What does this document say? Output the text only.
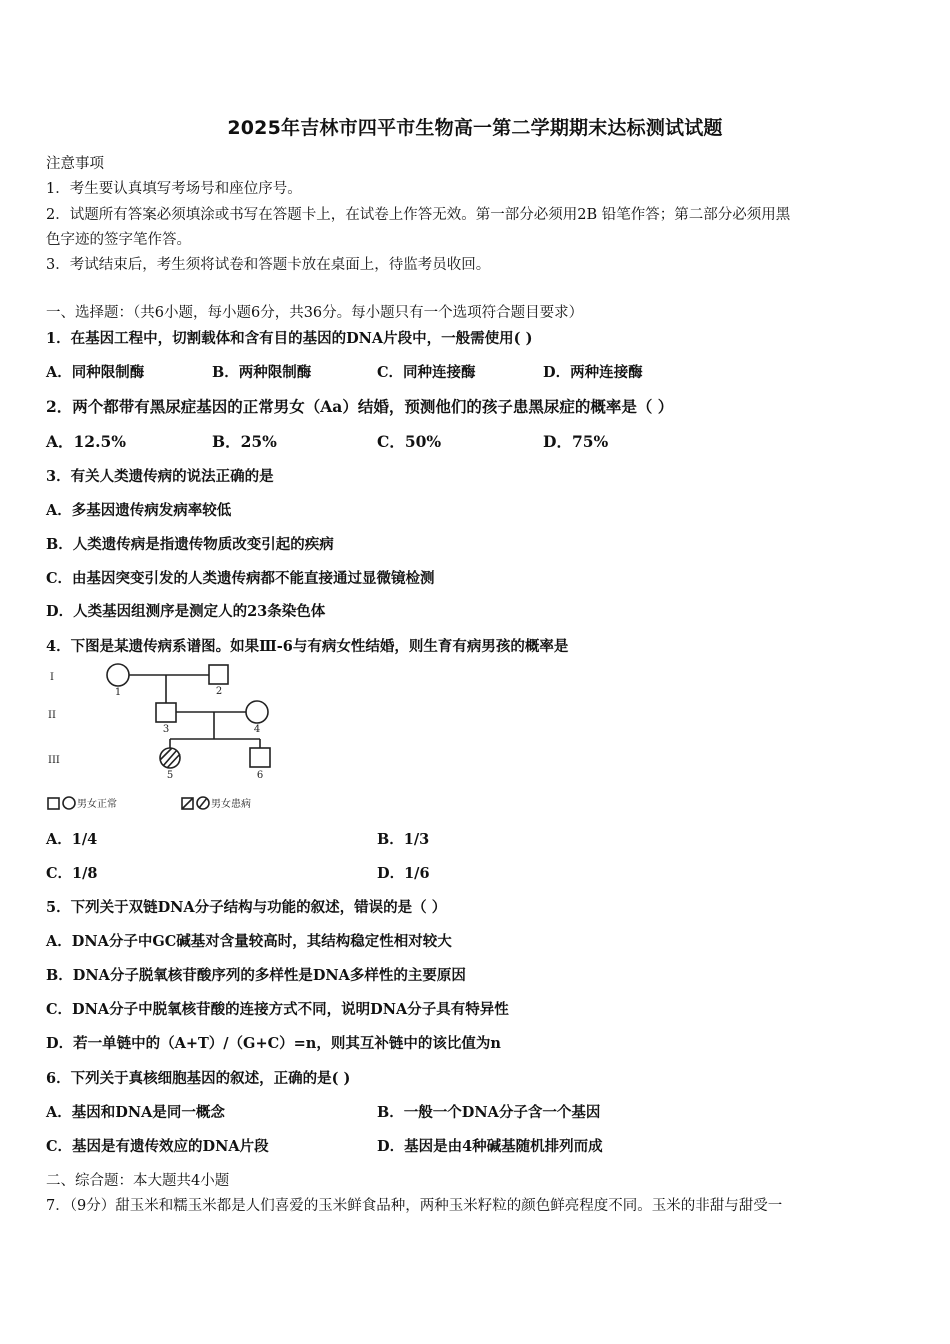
2025年吉林市四平市生物高一第二学期期末达标测试试题
注意事项
1．考生要认真填写考场号和座位序号。
2．试题所有答案必须填涂或书写在答题卡上，在试卷上作答无效。第一部分必须用2B 铅笔作答；第二部分必须用黑
色字迹的签字笔作答。
3．考试结束后，考生须将试卷和答题卡放在桌面上，待监考员收回。
一、选择题：（共6小题，每小题6分，共36分。每小题只有一个选项符合题目要求）
1．在基因工程中，切割载体和含有目的基因的DNA片段中，一般需使用( )
A．同种限制酶	B．两种限制酶	C．同种连接酶	D．两种连接酶
2．两个都带有黑尿症基因的正常男女（Aa）结婚，预测他们的孩子患黑尿症的概率是（ ）
A．12.5%	B．25%	C．50%	D．75%
3．有关人类遗传病的说法正确的是
A．多基因遗传病发病率较低
B．人类遗传病是指遗传物质改变引起的疾病
C．由基因突变引发的人类遗传病都不能直接通过显微镜检测
D．人类基因组测序是测定人的23条染色体
4．下图是某遗传病系谱图。如果Ⅲ-6与有病女性结婚，则生育有病男孩的概率是
I
II
III
1	2
3	4
5	6
男女正常	男女患病
A．1/4	B．1/3
C．1/8	D．1/6
5．下列关于双链DNA分子结构与功能的叙述，错误的是（ ）
A．DNA分子中GC碱基对含量较高时，其结构稳定性相对较大
B．DNA分子脱氧核苷酸序列的多样性是DNA多样性的主要原因
C．DNA分子中脱氧核苷酸的连接方式不同，说明DNA分子具有特异性
D．若一单链中的（A+T）/（G+C）=n，则其互补链中的该比值为n
6．下列关于真核细胞基因的叙述，正确的是( )
A．基因和DNA是同一概念	B．一般一个DNA分子含一个基因
C．基因是有遗传效应的DNA片段	D．基因是由4种碱基随机排列而成
二、综合题：本大题共4小题
7．（9分）甜玉米和糯玉米都是人们喜爱的玉米鲜食品种，两种玉米籽粒的颜色鲜亮程度不同。玉米的非甜与甜受一
